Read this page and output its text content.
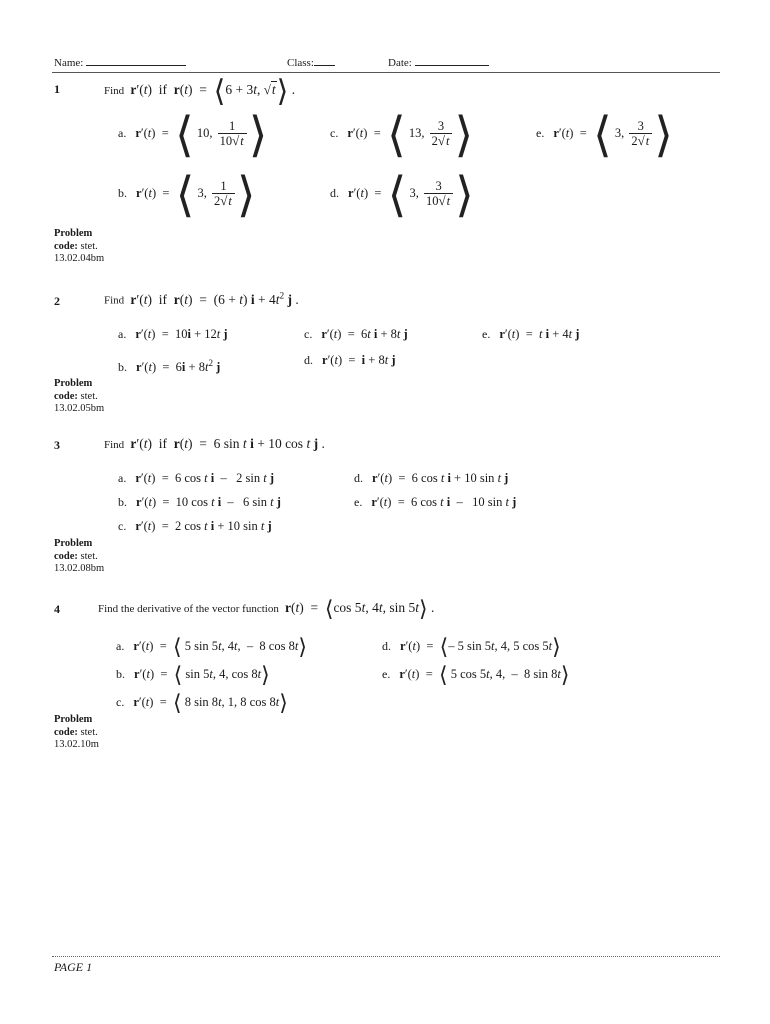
Name:	Class:	Date:
1	Find r′(t)  if  r(t)  =  ⟨6 + 3t, √t⟩ .
a. r′(t)  =  ⟨ 10, $\frac{1}{10√t}$ ⟩
b. r′(t)  =  ⟨ 3, $\frac{1}{2√t}$ ⟩
c. r′(t)  =  ⟨ 13, $\frac{3}{2√t}$ ⟩
d. r′(t)  =  ⟨ 3, $\frac{3}{10√t}$ ⟩
e. r′(t)  =  ⟨ 3, $\frac{3}{2√t}$ ⟩
Problem
code: stet.
13.02.04bm
2	Find r′(t)  if  r(t)  =  (6 + t) $i + 4t^2$ j .
a. r′(t)  =  10i + 12t j
b. $r'(t) = 6i + 8t^2$ j
c. r′(t)  =  6t i + 8t j
d. r′(t)  =  i + 8t j
e. r′(t)  =  t i + 4t j
Problem
code: stet.
13.02.05bm
3	Find r′(t)  if  r(t)  =  6 sin t i + 10 cos t j .
a. r′(t)  =  6 cos t i  –   2 sin t j
b. r′(t)  =  10 cos t i  –   6 sin t j
c. r′(t)  =  2 cos t i + 10 sin t j
d. r′(t)  =  6 cos t i + 10 sin t j
e. r′(t)  =  6 cos t i  –   10 sin t j
Problem
code: stet.
13.02.08bm
4	Find the derivative of the vector function r(t)  =  ⟨cos 5t, 4t, sin 5t⟩ .
a. r′(t)  =  ⟨ 5 sin 5t, 4t,  –  8 cos 8t⟩
b. r′(t)  =  ⟨ sin 5t, 4, cos 8t⟩
c. r′(t)  =  ⟨ 8 sin 8t, 1, 8 cos 8t⟩
d. r′(t)  =  ⟨– 5 sin 5t, 4, 5 cos 5t⟩
e. r′(t)  =  ⟨ 5 cos 5t, 4,  –  8 sin 8t⟩
Problem
code: stet.
13.02.10m
PAGE 1
